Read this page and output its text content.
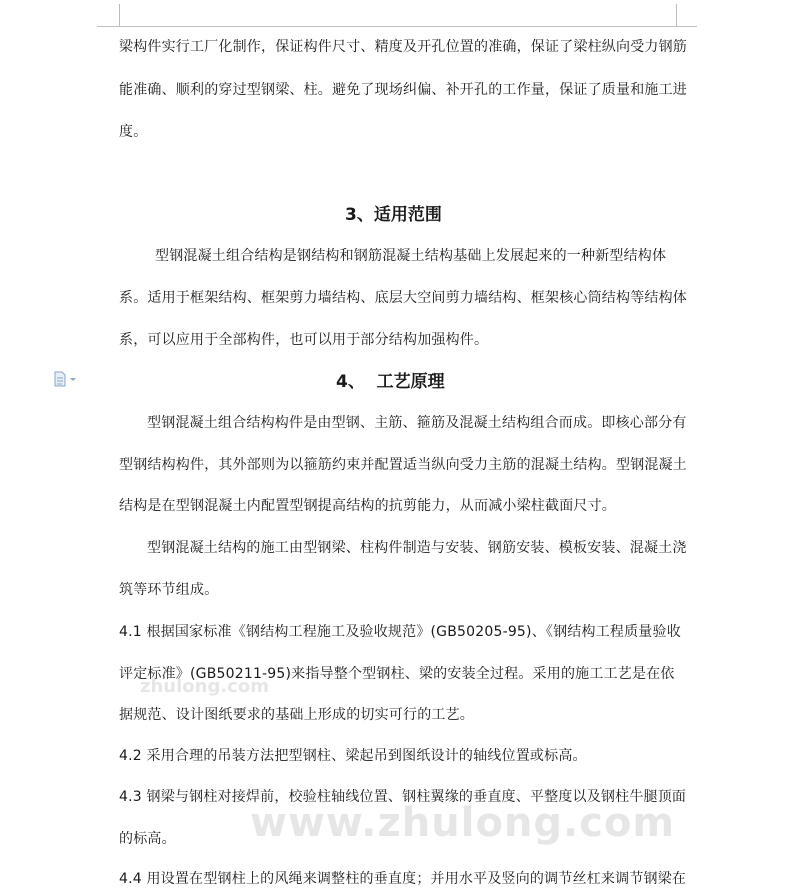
梁构件实行工厂化制作，保证构件尺寸、精度及开孔位置的准确，保证了梁柱纵向受力钢筋
能准确、顺利的穿过型钢梁、柱。避免了现场纠偏、补开孔的工作量，保证了质量和施工进
度。
3、适用范围
型钢混凝土组合结构是钢结构和钢筋混凝土结构基础上发展起来的一种新型结构体
系。适用于框架结构、框架剪力墙结构、底层大空间剪力墙结构、框架核心筒结构等结构体
系，可以应用于全部构件，也可以用于部分结构加强构件。
4、  工艺原理
型钢混凝土组合结构构件是由型钢、主筋、箍筋及混凝土结构组合而成。即核心部分有
型钢结构构件，其外部则为以箍筋约束并配置适当纵向受力主筋的混凝土结构。型钢混凝土
结构是在型钢混凝土内配置型钢提高结构的抗剪能力，从而减小梁柱截面尺寸。
型钢混凝土结构的施工由型钢梁、柱构件制造与安装、钢筋安装、模板安装、混凝土浇
筑等环节组成。
4.1 根据国家标准《钢结构工程施工及验收规范》(GB50205-95)、《钢结构工程质量验收
评定标准》(GB50211-95)来指导整个型钢柱、梁的安装全过程。采用的施工工艺是在依
据规范、设计图纸要求的基础上形成的切实可行的工艺。
4.2 采用合理的吊装方法把型钢柱、梁起吊到图纸设计的轴线位置或标高。
4.3 钢梁与钢柱对接焊前，校验柱轴线位置、钢柱翼缘的垂直度、平整度以及钢柱牛腿顶面
的标高。
4.4 用设置在型钢柱上的风绳来调整柱的垂直度；并用水平及竖向的调节丝杠来调节钢梁在
zhulong.com
www.zhulong.com
